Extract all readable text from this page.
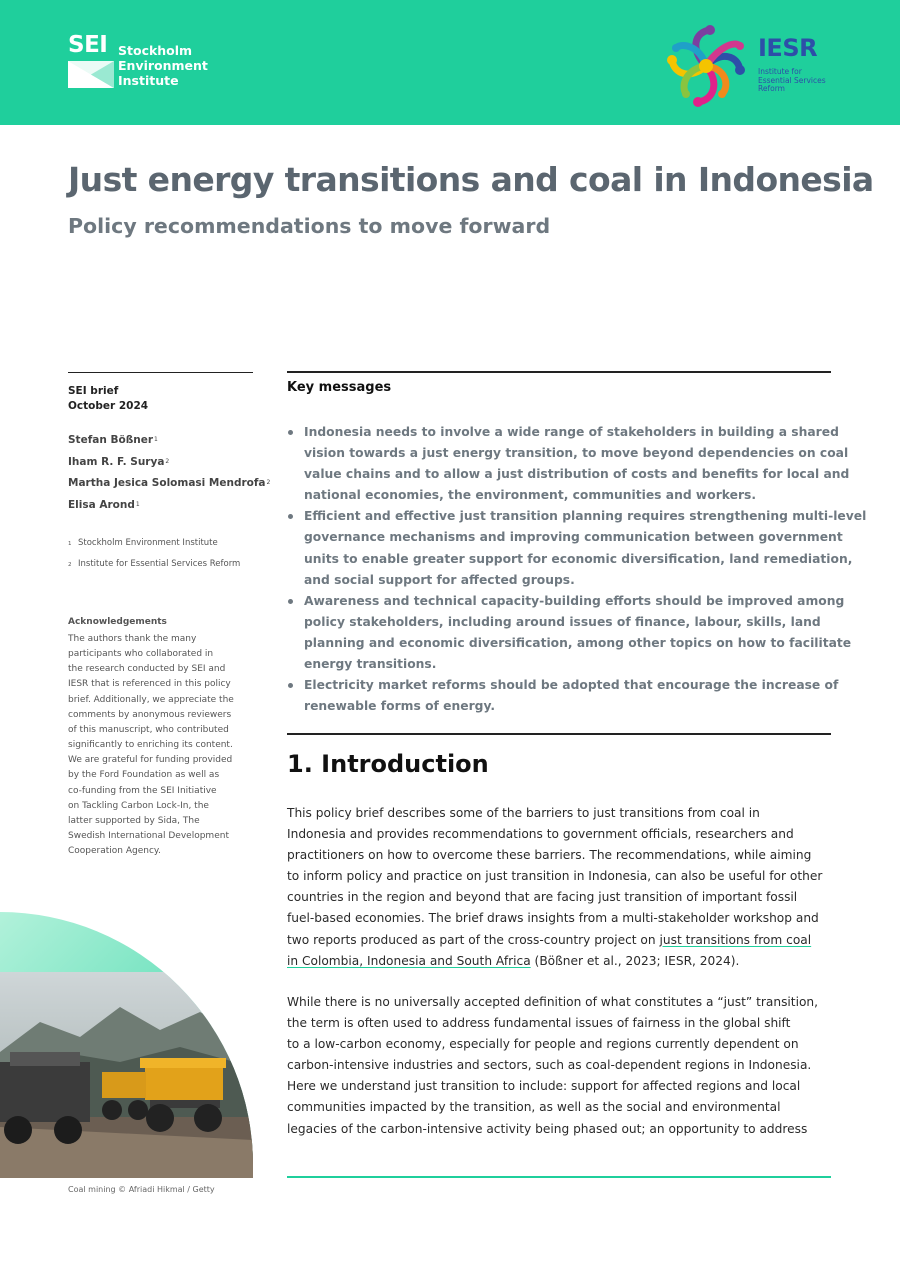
SEI Stockholm
Environment
Institute
IESR
Institute for
Essential Services
Reform
Just energy transitions and coal in Indonesia
Policy recommendations to move forward
SEI brief
October 2024
Stefan Bößner$^1$
Iham R. F. Surya$^2$
Martha Jesica Solomasi Mendrofa$^2$
Elisa Arond$^1$
1 Stockholm Environment Institute
2 Institute for Essential Services Reform
Acknowledgements
The authors thank the many
participants who collaborated in
the research conducted by SEI and
IESR that is referenced in this policy
brief. Additionally, we appreciate the
comments by anonymous reviewers
of this manuscript, who contributed
significantly to enriching its content.
We are grateful for funding provided
by the Ford Foundation as well as
co-funding from the SEI Initiative
on Tackling Carbon Lock-In, the
latter supported by Sida, The
Swedish International Development
Cooperation Agency.
Coal mining © Afriadi Hikmal / Getty
Key messages
Indonesia needs to involve a wide range of stakeholders in building a shared
vision towards a just energy transition, to move beyond dependencies on coal
value chains and to allow a just distribution of costs and benefits for local and
national economies, the environment, communities and workers.
Efficient and effective just transition planning requires strengthening multi-level
governance mechanisms and improving communication between government
units to enable greater support for economic diversification, land remediation,
and social support for affected groups.
Awareness and technical capacity-building efforts should be improved among
policy stakeholders, including around issues of finance, labour, skills, land
planning and economic diversification, among other topics on how to facilitate
energy transitions.
Electricity market reforms should be adopted that encourage the increase of
renewable forms of energy.
1. Introduction
This policy brief describes some of the barriers to just transitions from coal in
Indonesia and provides recommendations to government officials, researchers and
practitioners on how to overcome these barriers. The recommendations, while aiming
to inform policy and practice on just transition in Indonesia, can also be useful for other
countries in the region and beyond that are facing just transition of important fossil
fuel-based economies. The brief draws insights from a multi-stakeholder workshop and
two reports produced as part of the cross-country project on just transitions from coal
in Colombia, Indonesia and South Africa (Bößner et al., 2023; IESR, 2024).
While there is no universally accepted definition of what constitutes a “just” transition,
the term is often used to address fundamental issues of fairness in the global shift
to a low-carbon economy, especially for people and regions currently dependent on
carbon-intensive industries and sectors, such as coal-dependent regions in Indonesia.
Here we understand just transition to include: support for affected regions and local
communities impacted by the transition, as well as the social and environmental
legacies of the carbon-intensive activity being phased out; an opportunity to address
